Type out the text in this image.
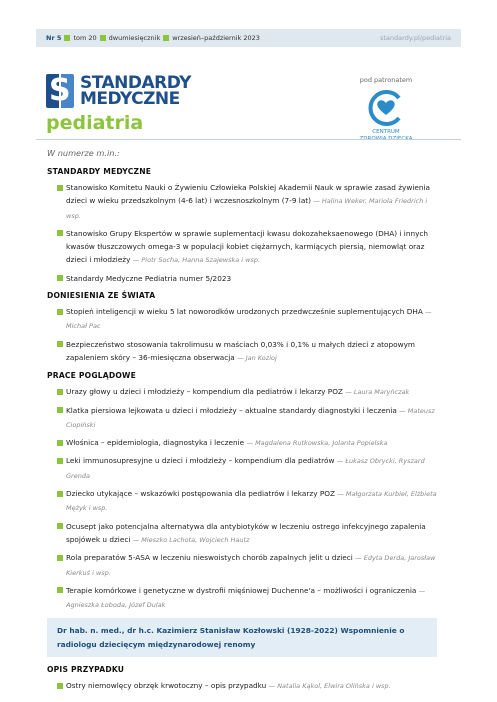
Nr 5 tom 20 dwumiesięcznik wrzesień–październik 2023	standardy.pl/pediatria
S STANDARDY
MEDYCZNE
pediatria
pod patronatem
CENTRUM
W numerze m.in.:
STANDARDY MEDYCZNE
Stanowisko Komitetu Nauki o Żywieniu Człowieka Polskiej Akademii Nauk w sprawie zasad żywienia dzieci w wieku przedszkolnym (4-6 lat) i wczesnoszkolnym (7-9 lat) — Halina Weker, Mariola Friedrich i wsp.
Stanowisko Grupy Ekspertów w sprawie suplementacji kwasu dokozaheksaenowego (DHA) i innych kwasów tłuszczowych omega-3 w populacji kobiet ciężarnych, karmiących piersią, niemowląt oraz dzieci i młodzieży — Piotr Socha, Hanna Szajewska i wsp.
Standardy Medyczne Pediatria numer 5/2023
DONIESIENIA ZE ŚWIATA
Stopień inteligencji w wieku 5 lat noworodków urodzonych przedwcześnie suplementujących DHA — Michał Pac
Bezpieczeństwo stosowania takrolimusu w maściach 0,03% i 0,1% u małych dzieci z atopowym zapaleniem skóry – 36-miesięczna obserwacja — Jan Kozioj
PRACE POGLĄDOWE
Urazy głowy u dzieci i młodzieży – kompendium dla pediatrów i lekarzy POZ — Laura Maryńczak
Klatka piersiowa lejkowata u dzieci i młodzieży – aktualne standardy diagnostyki i leczenia — Mateusz Ciopiński
Włośnica – epidemiologia, diagnostyka i leczenie — Magdalena Rutkowska, Jolanta Popielska
Leki immunosupresyjne u dzieci i młodzieży – kompendium dla pediatrów — Łukasz Obrycki, Ryszard Grenda
Dziecko utykające – wskazówki postępowania dla pediatrów i lekarzy POZ — Małgorzata Kurbiel, Elżbieta Mężyk i wsp.
Ocusept jako potencjalna alternatywa dla antybiotyków w leczeniu ostrego infekcyjnego zapalenia spojówek u dzieci — Mieszko Lachota, Wojciech Hautz
Rola preparatów 5-ASA w leczeniu nieswoistych chorób zapalnych jelit u dzieci — Edyta Derda, Jarosław Kierkuś i wsp.
Terapie komórkowe i genetyczne w dystrofii mięśniowej Duchenne'a – możliwości i ograniczenia — Agnieszka Łoboda, Józef Dulak
Dr hab. n. med., dr h.c. Kazimierz Stanisław Kozłowski (1928-2022) Wspomnienie o radiologu dziecięcym międzynarodowej renomy
OPIS PRZYPADKU
Ostry niemowlęcy obrzęk krwotoczny – opis przypadku — Natalia Kąkol, Elwira Olińska i wsp.
